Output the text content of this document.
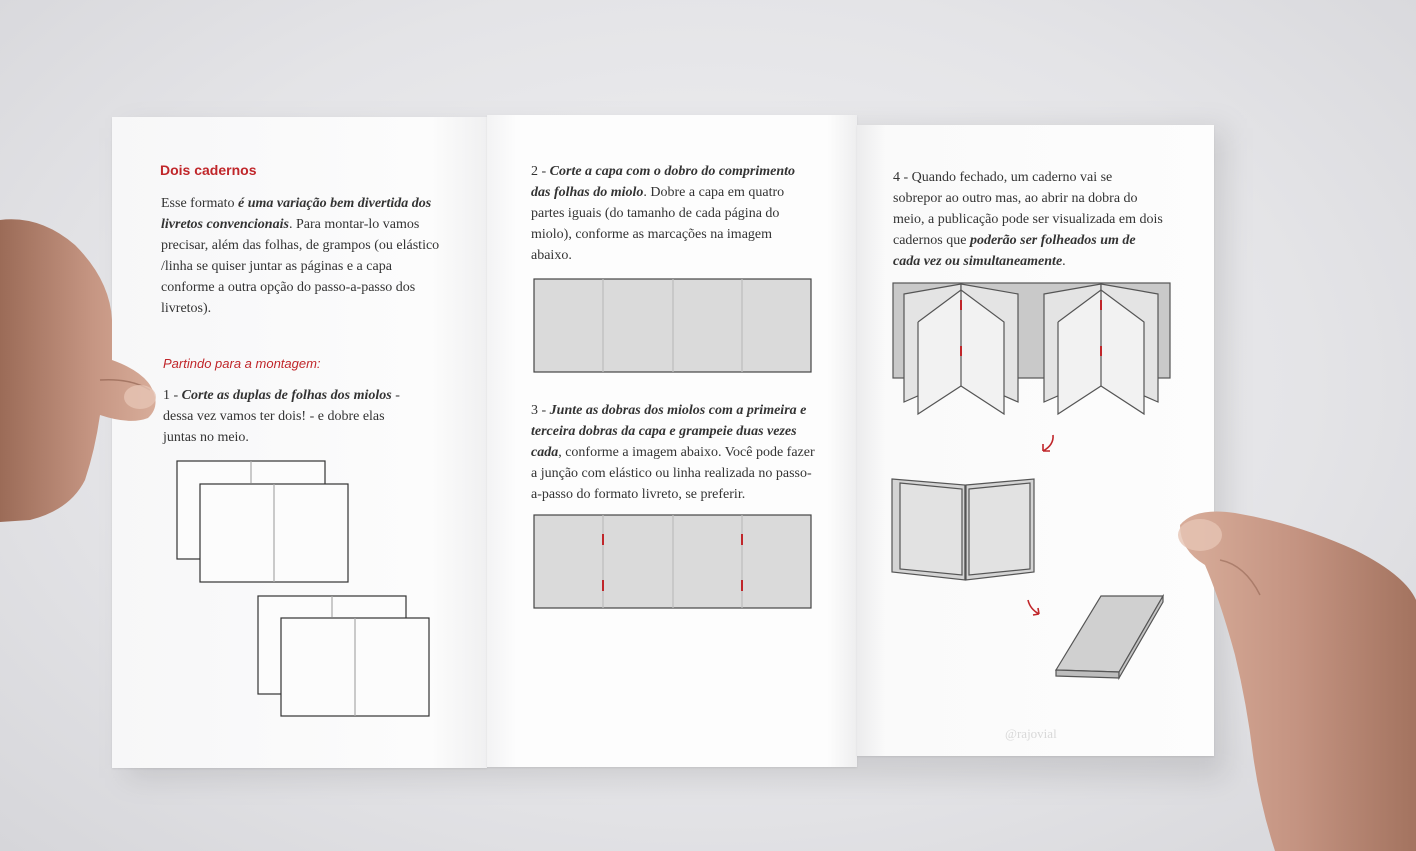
Dois cadernos
Esse formato é uma variação bem divertida dos livretos convencionais. Para montar-lo vamos precisar, além das folhas, de grampos (ou elástico /linha se quiser juntar as páginas e a capa conforme a outra opção do passo-a-passo dos livretos).
Partindo para a montagem:
1 - Corte as duplas de folhas dos miolos - dessa vez vamos ter dois! - e dobre elas juntas no meio.
2 - Corte a capa com o dobro do comprimento das folhas do miolo. Dobre a capa em quatro partes iguais (do tamanho de cada página do miolo), conforme as marcações na imagem abaixo.
3 - Junte as dobras dos miolos com a primeira e terceira dobras da capa e grampeie duas vezes cada, conforme a imagem abaixo. Você pode fazer a junção com elástico ou linha realizada no passo-a-passo do formato livreto, se preferir.
4 - Quando fechado, um caderno vai se sobrepor ao outro mas, ao abrir na dobra do meio, a publicação pode ser visualizada em dois cadernos que poderão ser folheados um de cada vez ou simultaneamente.
@rajovial
